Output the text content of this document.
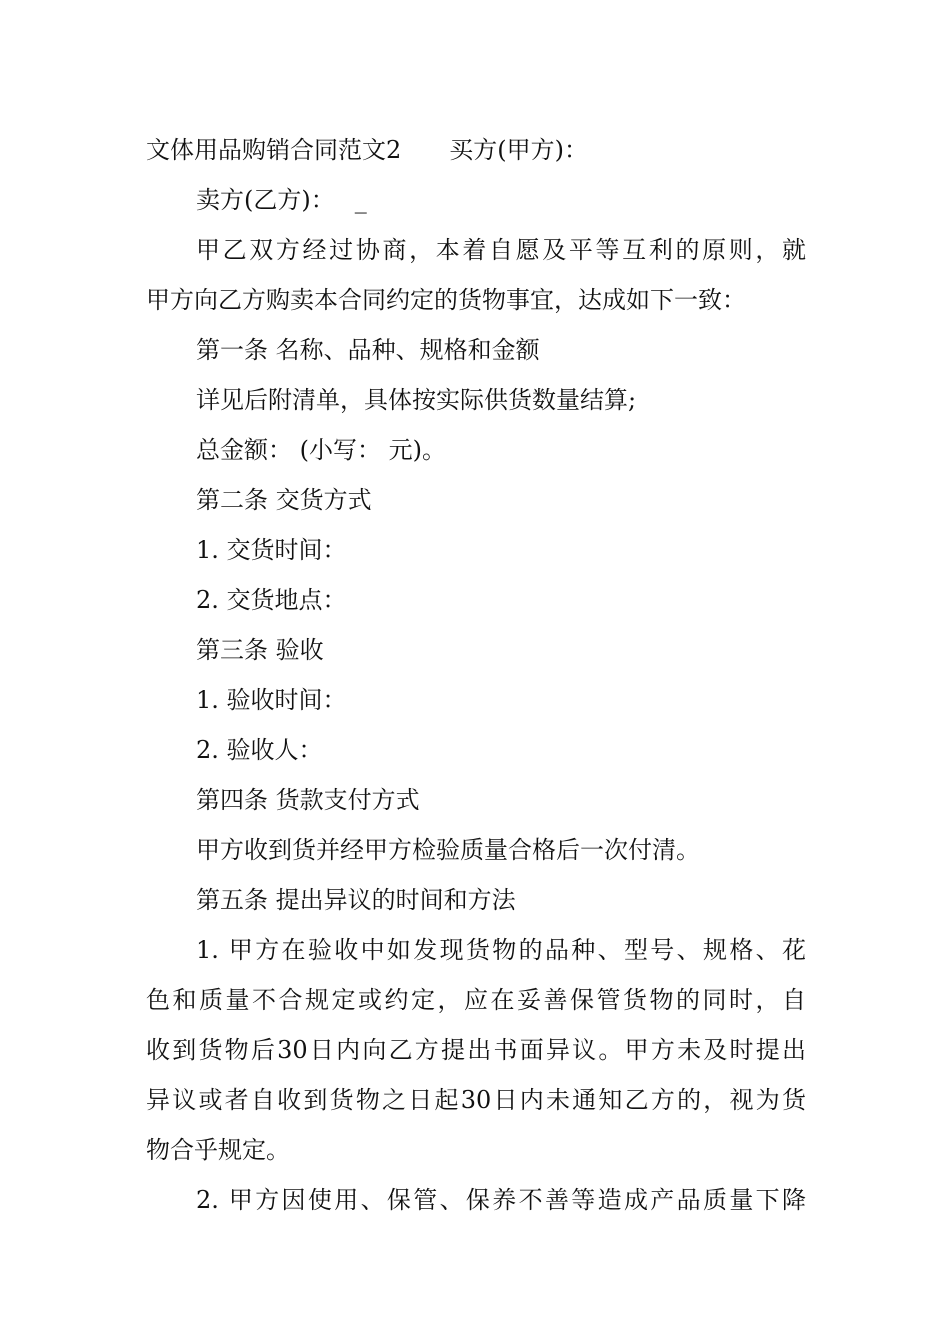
文体用品购销合同范文2 买方(甲方)：
卖方(乙方)： _
甲乙双方经过协商，本着自愿及平等互利的原则，就
甲方向乙方购卖本合同约定的货物事宜，达成如下一致：
第一条 名称、品种、规格和金额
详见后附清单，具体按实际供货数量结算;
总金额： (小写： 元)。
第二条 交货方式
1. 交货时间：
2. 交货地点：
第三条 验收
1. 验收时间：
2. 验收人：
第四条 货款支付方式
甲方收到货并经甲方检验质量合格后一次付清。
第五条 提出异议的时间和方法
1. 甲方在验收中如发现货物的品种、型号、规格、花
色和质量不合规定或约定，应在妥善保管货物的同时，自
收到货物后30日内向乙方提出书面异议。甲方未及时提出
异议或者自收到货物之日起30日内未通知乙方的，视为货
物合乎规定。
2. 甲方因使用、保管、保养不善等造成产品质量下降
